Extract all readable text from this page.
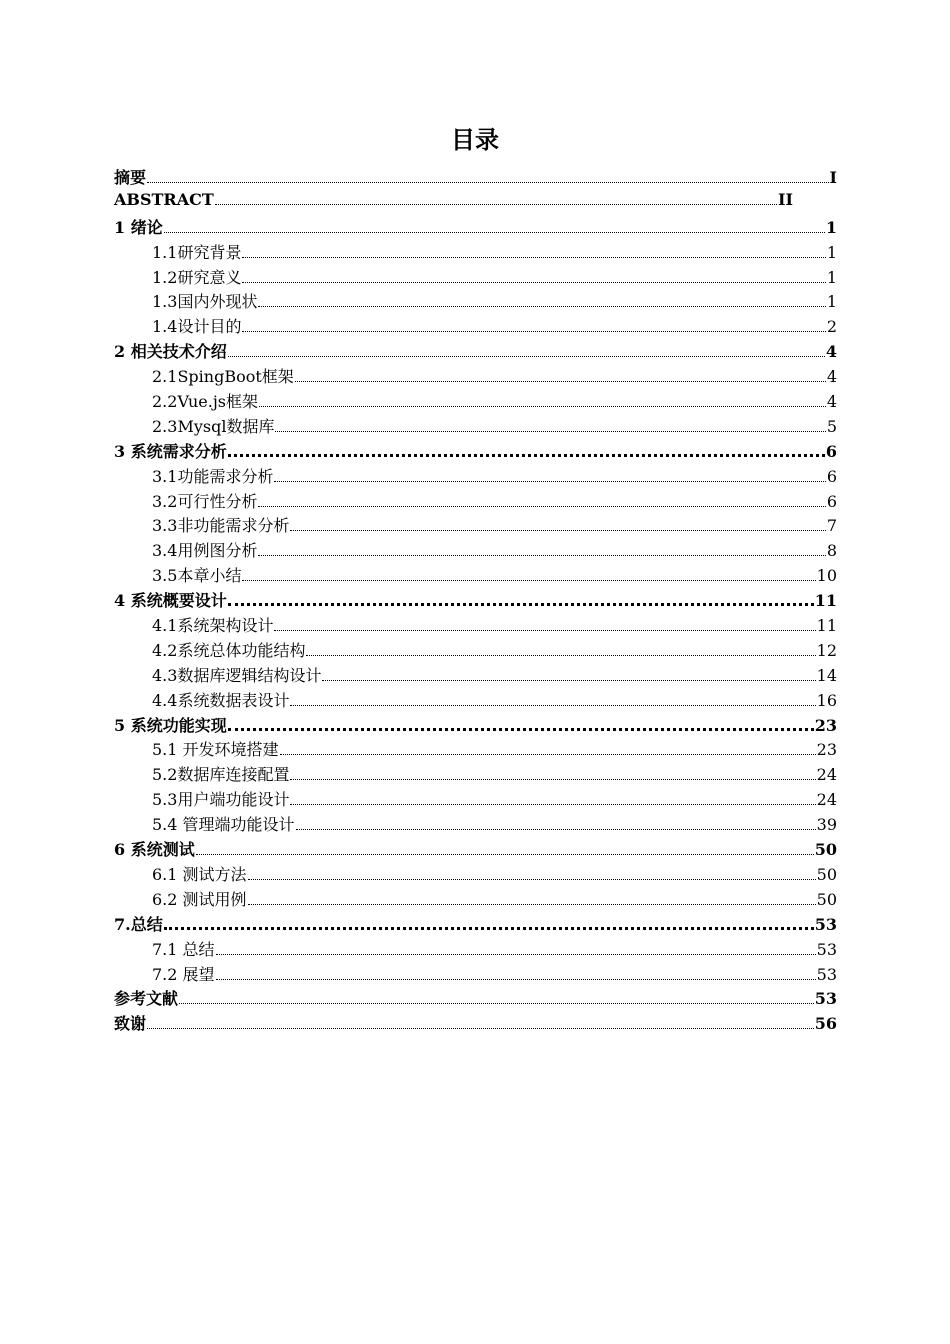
目录
摘要	I
ABSTRACT	II
1 绪论	1
1.1研究背景	1
1.2研究意义	1
1.3国内外现状	1
1.4设计目的	2
2 相关技术介绍	4
2.1SpingBoot框架	4
2.2Vue.js框架	4
2.3Mysql数据库	5
3 系统需求分析	6
3.1功能需求分析	6
3.2可行性分析	6
3.3非功能需求分析	7
3.4用例图分析	8
3.5本章小结	10
4 系统概要设计	11
4.1系统架构设计	11
4.2系统总体功能结构	12
4.3数据库逻辑结构设计	14
4.4系统数据表设计	16
5 系统功能实现	23
5.1 开发环境搭建	23
5.2数据库连接配置	24
5.3用户端功能设计	24
5.4 管理端功能设计	39
6 系统测试	50
6.1 测试方法	50
6.2 测试用例	50
7.总结	53
7.1 总结	53
7.2 展望	53
参考文献	53
致谢	56
